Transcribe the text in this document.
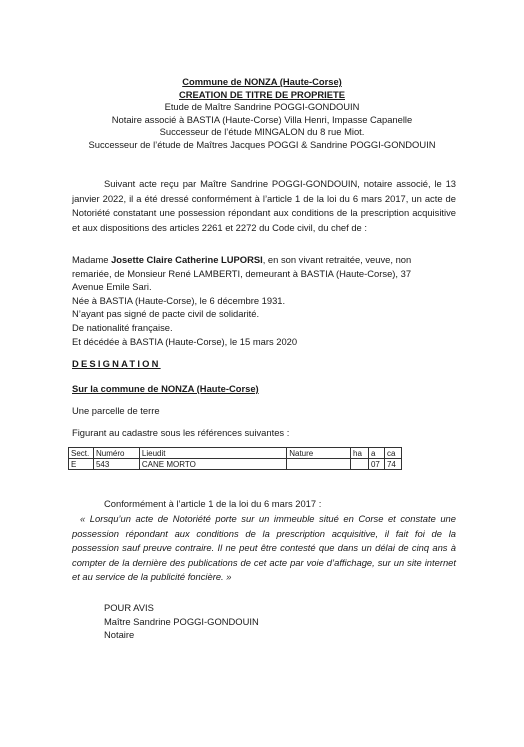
Commune de NONZA (Haute-Corse)
CREATION DE TITRE DE PROPRIETE
Etude de Maître Sandrine POGGI-GONDOUIN
Notaire associé à BASTIA (Haute-Corse) Villa Henri, Impasse Capanelle
Successeur de l’étude MINGALON du 8 rue Miot.
Successeur de l’étude de Maîtres Jacques POGGI & Sandrine POGGI-GONDOUIN
Suivant acte reçu par Maître Sandrine POGGI-GONDOUIN, notaire associé, le 13 janvier 2022, il a été dressé conformément à l’article 1 de la loi du 6 mars 2017, un acte de Notoriété constatant une possession répondant aux conditions de la prescription acquisitive et aux dispositions des articles 2261 et 2272 du Code civil, du chef de :
Madame Josette Claire Catherine LUPORSI, en son vivant retraitée, veuve, non
remariée, de Monsieur René LAMBERTI, demeurant à BASTIA (Haute-Corse), 37
Avenue Emile Sari.
Née à BASTIA (Haute-Corse), le 6 décembre 1931.
N’ayant pas signé de pacte civil de solidarité.
De nationalité française.
Et décédée à BASTIA (Haute-Corse), le 15 mars 2020
DESIGNATION
Sur la commune de NONZA (Haute-Corse)
Une parcelle de terre
Figurant au cadastre sous les références suivantes :
Sect.	Numéro	Lieudit	Nature	ha	a	ca
E	543	CANE MORTO			07	74
Conformément à l’article 1 de la loi du 6 mars 2017 :
« Lorsqu’un acte de Notoriété porte sur un immeuble situé en Corse et constate une possession répondant aux conditions de la prescription acquisitive, il fait foi de la possession sauf preuve contraire. Il ne peut être contesté que dans un délai de cinq ans à compter de la dernière des publications de cet acte par voie d’affichage, sur un site internet et au service de la publicité foncière. »
POUR AVIS
Maître Sandrine POGGI-GONDOUIN
Notaire
